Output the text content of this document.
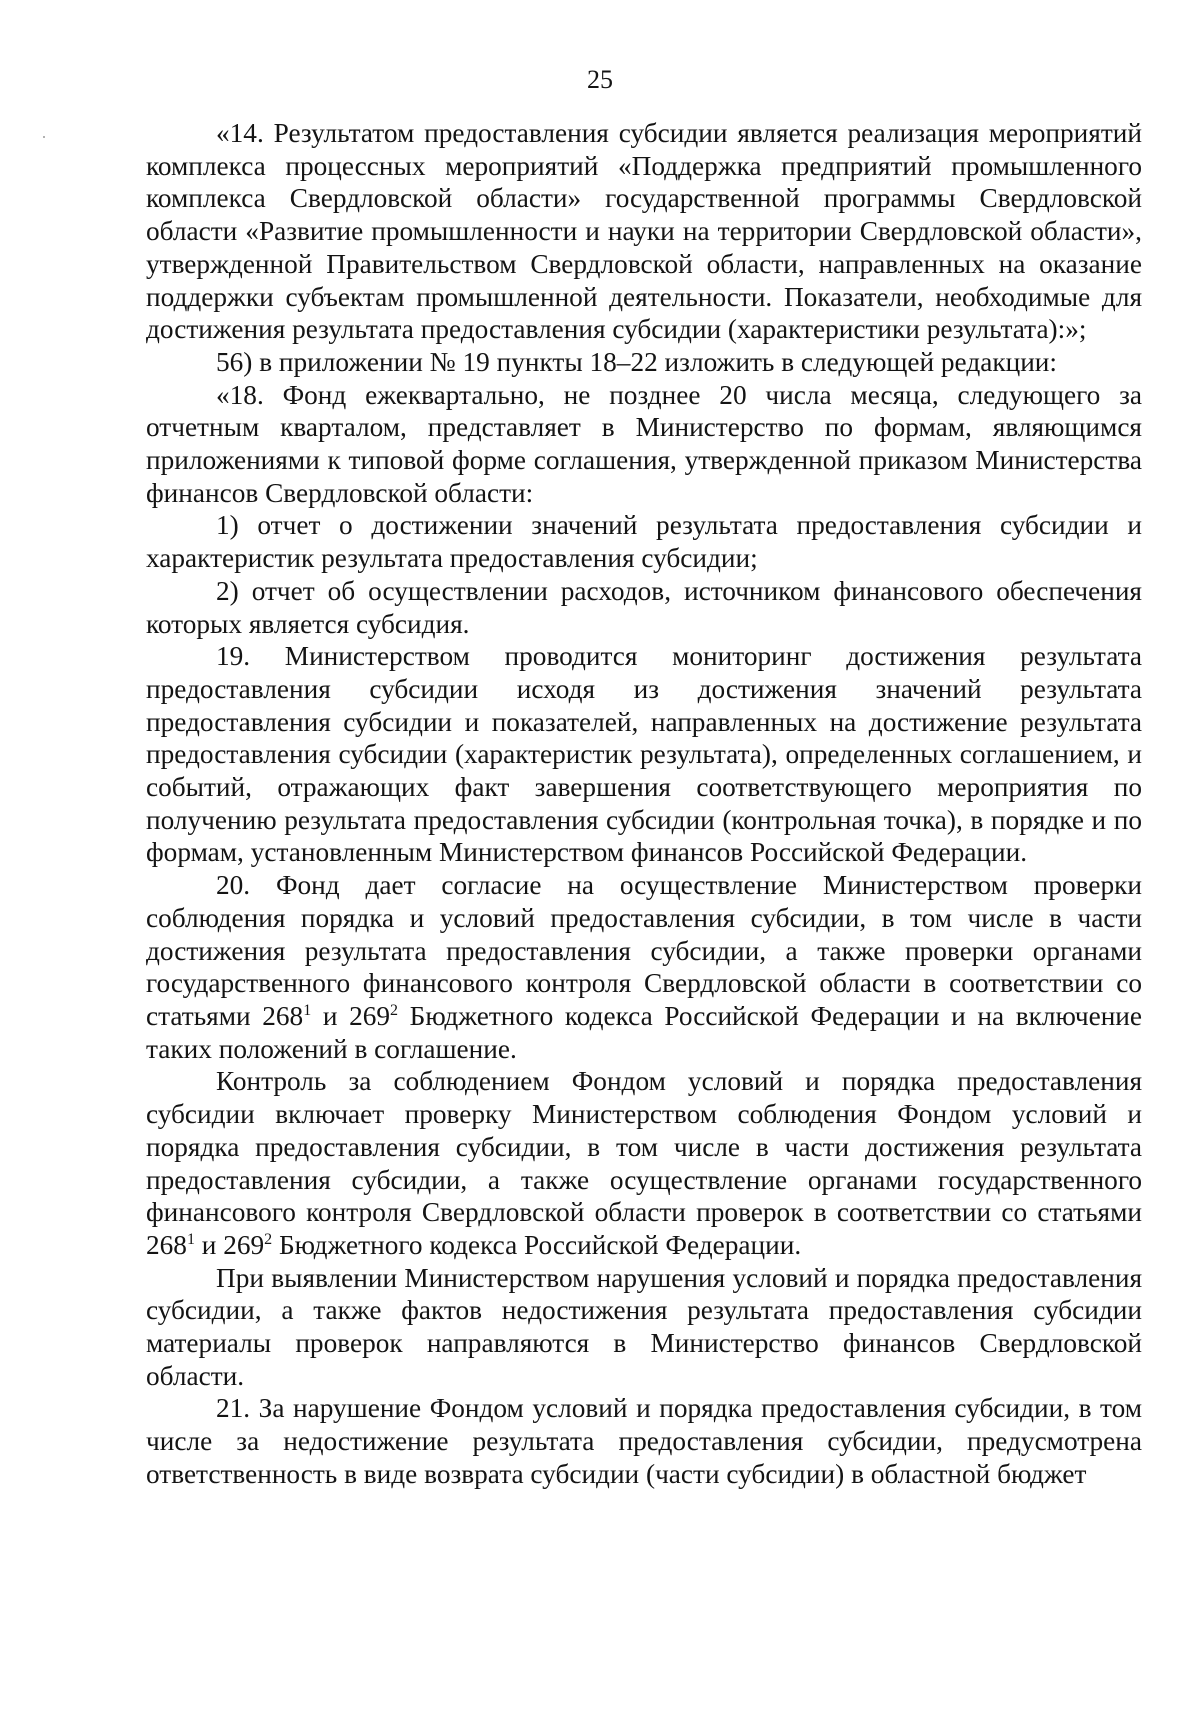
25

«14. Результатом предоставления субсидии является реализация мероприятий комплекса процессных мероприятий «Поддержка предприятий промышленного комплекса Свердловской области» государственной программы Свердловской области «Развитие промышленности и науки на территории Свердловской области», утвержденной Правительством Свердловской области, направленных на оказание поддержки субъектам промышленной деятельности. Показатели, необходимые для достижения результата предоставления субсидии (характеристики результата):»;

56) в приложении № 19 пункты 18–22 изложить в следующей редакции:

«18. Фонд ежеквартально, не позднее 20 числа месяца, следующего за отчетным кварталом, представляет в Министерство по формам, являющимся приложениями к типовой форме соглашения, утвержденной приказом Министерства финансов Свердловской области:

1) отчет о достижении значений результата предоставления субсидии и характеристик результата предоставления субсидии;

2) отчет об осуществлении расходов, источником финансового обеспечения которых является субсидия.

19. Министерством проводится мониторинг достижения результата предоставления субсидии исходя из достижения значений результата предоставления субсидии и показателей, направленных на достижение результата предоставления субсидии (характеристик результата), определенных соглашением, и событий, отражающих факт завершения соответствующего мероприятия по получению результата предоставления субсидии (контрольная точка), в порядке и по формам, установленным Министерством финансов Российской Федерации.

20. Фонд дает согласие на осуществление Министерством проверки соблюдения порядка и условий предоставления субсидии, в том числе в части достижения результата предоставления субсидии, а также проверки органами государственного финансового контроля Свердловской области в соответствии со статьями $268^1$ и $269^2$ Бюджетного кодекса Российской Федерации и на включение таких положений в соглашение.

Контроль за соблюдением Фондом условий и порядка предоставления субсидии включает проверку Министерством соблюдения Фондом условий и порядка предоставления субсидии, в том числе в части достижения результата предоставления субсидии, а также осуществление органами государственного финансового контроля Свердловской области проверок в соответствии со статьями $268^1$ и $269^2$ Бюджетного кодекса Российской Федерации.

При выявлении Министерством нарушения условий и порядка предоставления субсидии, а также фактов недостижения результата предоставления субсидии материалы проверок направляются в Министерство финансов Свердловской области.

21. За нарушение Фондом условий и порядка предоставления субсидии, в том числе за недостижение результата предоставления субсидии, предусмотрена ответственность в виде возврата субсидии (части субсидии) в областной бюджет
